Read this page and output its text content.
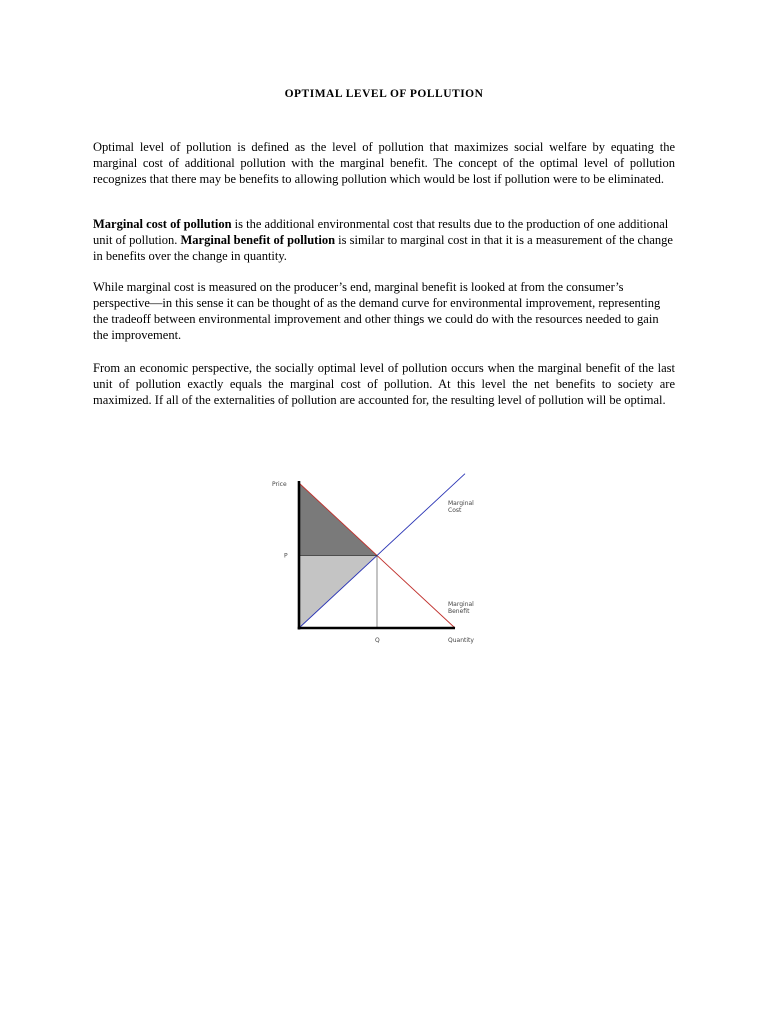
OPTIMAL LEVEL OF POLLUTION

Optimal level of pollution is defined as the level of pollution that maximizes social welfare by equating the marginal cost of additional pollution with the marginal benefit. The concept of the optimal level of pollution recognizes that there may be benefits to allowing pollution which would be lost if pollution were to be eliminated.

Marginal cost of pollution is the additional environmental cost that results due to the production of one additional unit of pollution. Marginal benefit of pollution is similar to marginal cost in that it is a measurement of the change in benefits over the change in quantity.

While marginal cost is measured on the producer’s end, marginal benefit is looked at from the consumer’s perspective—in this sense it can be thought of as the demand curve for environmental improvement, representing the tradeoff between environmental improvement and other things we could do with the resources needed to gain the improvement.

From an economic perspective, the socially optimal level of pollution occurs when the marginal benefit of the last unit of pollution exactly equals the marginal cost of pollution. At this level the net benefits to society are maximized. If all of the externalities of pollution are accounted for, the resulting level of pollution will be optimal.

Price
Quantity
P
Q
Marginal Cost
Marginal Benefit
